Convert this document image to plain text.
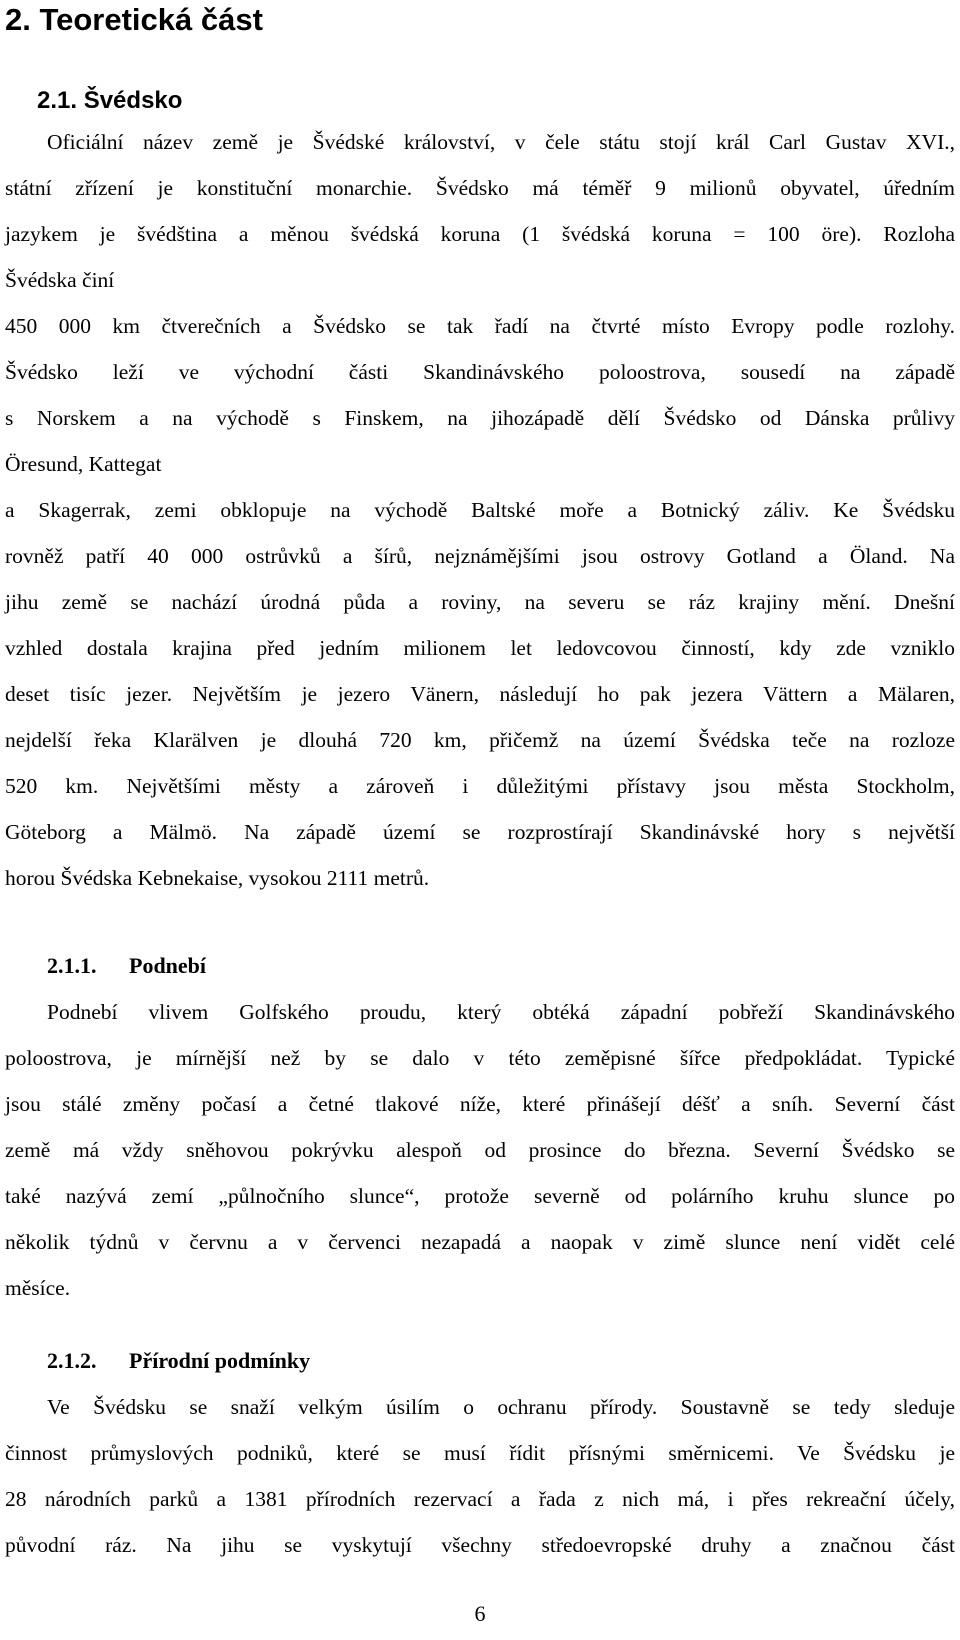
2. Teoretická část
2.1. Švédsko

Oficiální název země je Švédské království, v čele státu stojí král Carl Gustav XVI.,

státní zřízení je konstituční monarchie. Švédsko má téměř 9 milionů obyvatel, úředním

jazykem je švédština a měnou švédská koruna (1 švédská koruna = 100 öre). Rozloha

Švédska činí

450 000 km čtverečních a Švédsko se tak řadí na čtvrté místo Evropy podle rozlohy.

Švédsko leží ve východní části Skandinávského poloostrova, sousedí na západě

s Norskem a na východě s Finskem, na jihozápadě dělí Švédsko od Dánska průlivy

Öresund, Kattegat

a Skagerrak, zemi obklopuje na východě Baltské moře a Botnický záliv. Ke Švédsku

rovněž patří 40 000 ostrůvků a šírů, nejznámějšími jsou ostrovy Gotland a Öland. Na

jihu země se nachází úrodná půda a roviny, na severu se ráz krajiny mění. Dnešní

vzhled dostala krajina před jedním milionem let ledovcovou činností, kdy zde vzniklo

deset tisíc jezer. Největším je jezero Vänern, následují ho pak jezera Vättern a Mälaren,

nejdelší řeka Klarälven je dlouhá 720 km, přičemž na území Švédska teče na rozloze

520 km. Největšími městy a zároveň i důležitými přístavy jsou města Stockholm,

Göteborg a Mälmö. Na západě území se rozprostírají Skandinávské hory s největší

horou Švédska Kebnekaise, vysokou 2111 metrů.

2.1.1. Podnebí

Podnebí vlivem Golfského proudu, který obtéká západní pobřeží Skandinávského

poloostrova, je mírnější než by se dalo v této zeměpisné šířce předpokládat. Typické

jsou stálé změny počasí a četné tlakové níže, které přinášejí déšť a sníh. Severní část

země má vždy sněhovou pokrývku alespoň od prosince do března. Severní Švédsko se

také nazývá zemí „půlnočního slunce“, protože severně od polárního kruhu slunce po

několik týdnů v červnu a v červenci nezapadá a naopak v zimě slunce není vidět celé

měsíce.

2.1.2. Přírodní podmínky

Ve Švédsku se snaží velkým úsilím o ochranu přírody. Soustavně se tedy sleduje

činnost průmyslových podniků, které se musí řídit přísnými směrnicemi. Ve Švédsku je

28 národních parků a 1381 přírodních rezervací a řada z nich má, i přes rekreační účely,

původní ráz. Na jihu se vyskytují všechny středoevropské druhy a značnou část

6
